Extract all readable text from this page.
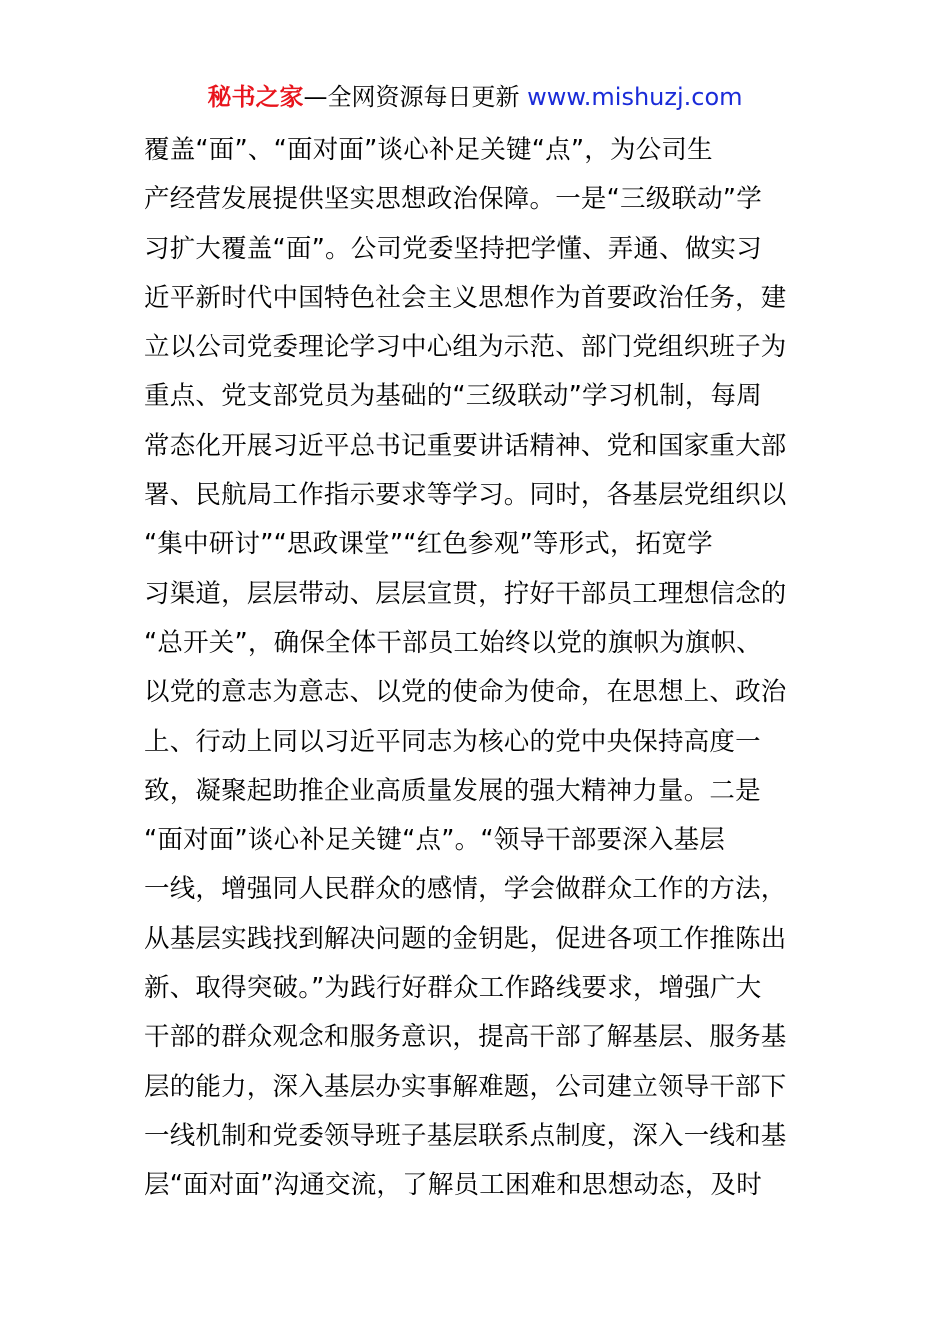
秘书之家—全网资源每日更新 www.mishuzj.com
覆盖“面”、“面对面”谈心补足关键“点”，为公司生
产经营发展提供坚实思想政治保障。一是“三级联动”学
习扩大覆盖“面”。公司党委坚持把学懂、弄通、做实习
近平新时代中国特色社会主义思想作为首要政治任务，建
立以公司党委理论学习中心组为示范、部门党组织班子为
重点、党支部党员为基础的“三级联动”学习机制，每周
常态化开展习近平总书记重要讲话精神、党和国家重大部
署、民航局工作指示要求等学习。同时，各基层党组织以
“集中研讨”“思政课堂”“红色参观”等形式，拓宽学
习渠道，层层带动、层层宣贯，拧好干部员工理想信念的
“总开关”，确保全体干部员工始终以党的旗帜为旗帜、
以党的意志为意志、以党的使命为使命，在思想上、政治
上、行动上同以习近平同志为核心的党中央保持高度一
致，凝聚起助推企业高质量发展的强大精神力量。二是
“面对面”谈心补足关键“点”。“领导干部要深入基层
一线，增强同人民群众的感情，学会做群众工作的方法，
从基层实践找到解决问题的金钥匙，促进各项工作推陈出
新、取得突破。”为践行好群众工作路线要求，增强广大
干部的群众观念和服务意识，提高干部了解基层、服务基
层的能力，深入基层办实事解难题，公司建立领导干部下
一线机制和党委领导班子基层联系点制度，深入一线和基
层“面对面”沟通交流，了解员工困难和思想动态，及时
